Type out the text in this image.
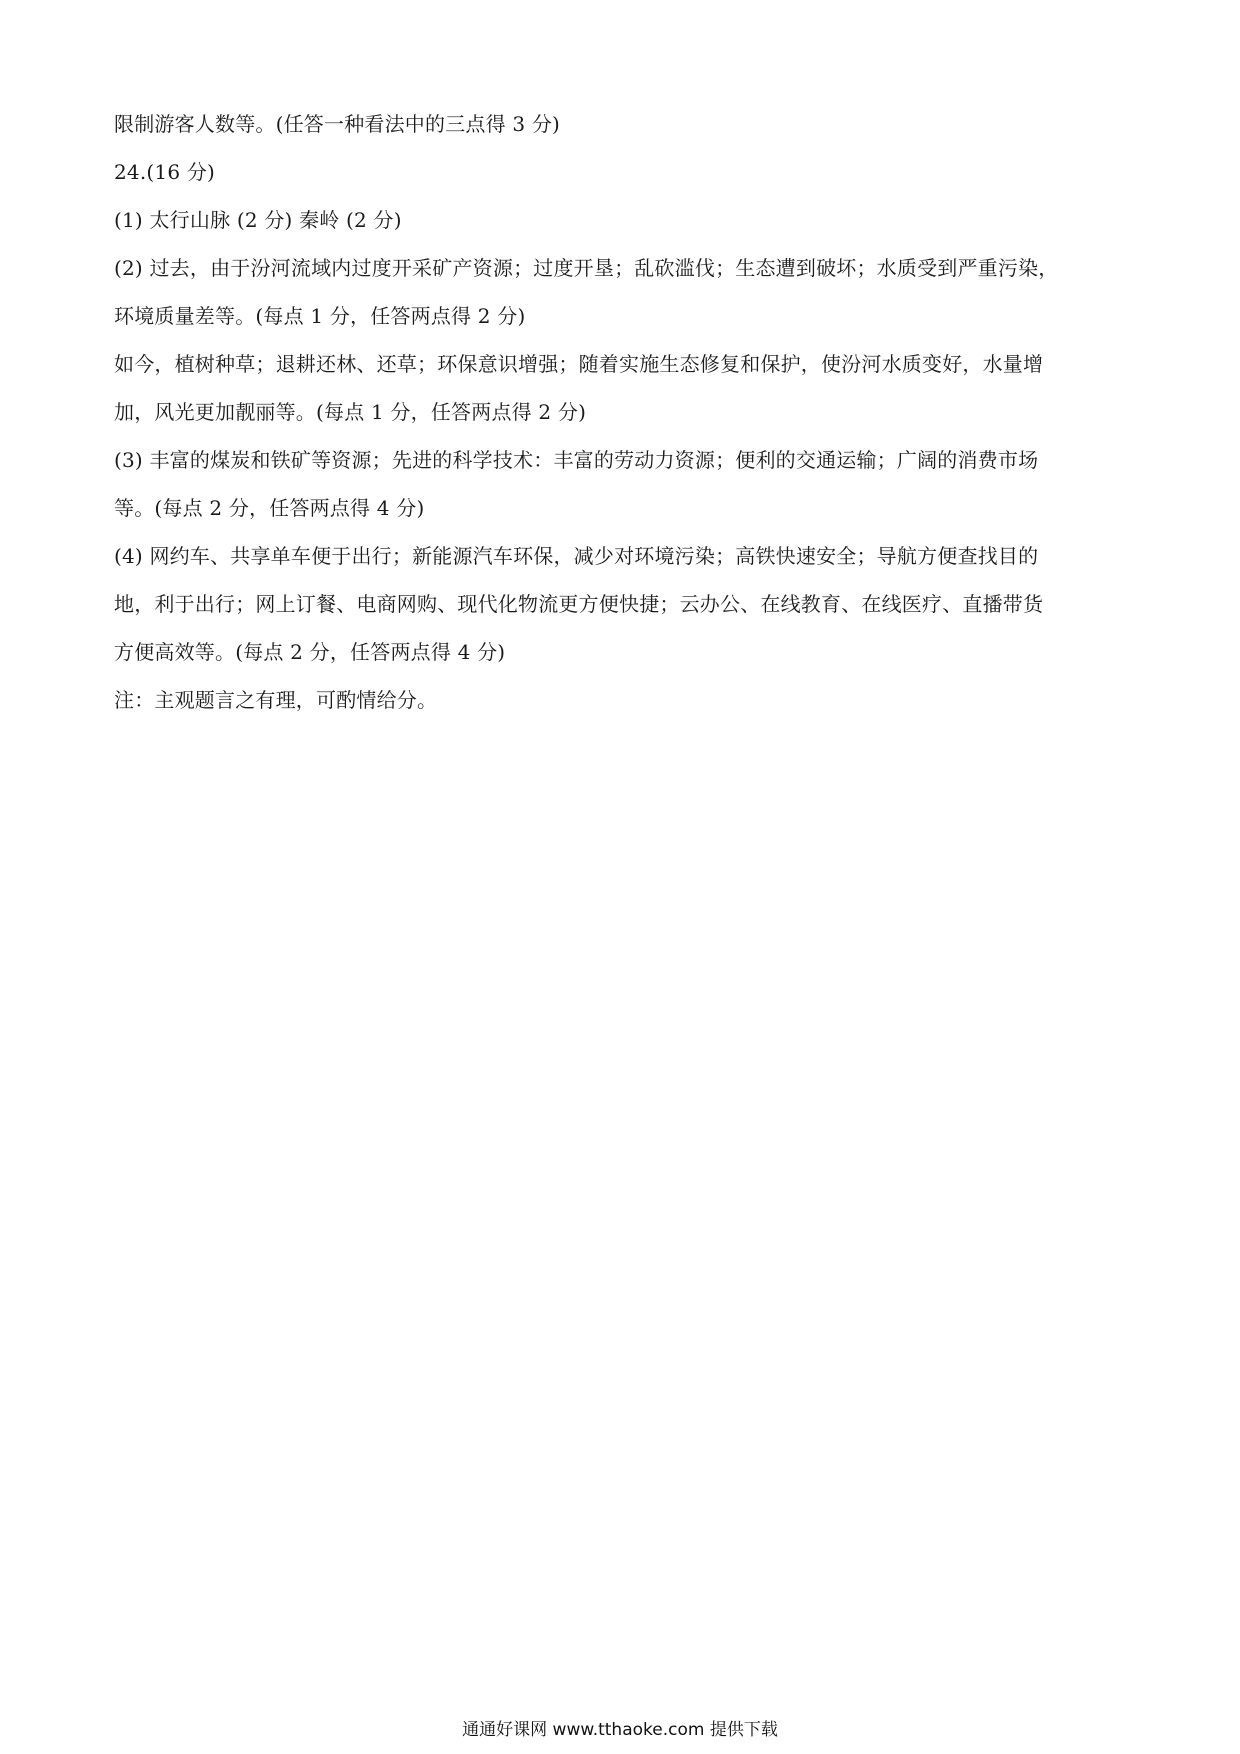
限制游客人数等。(任答一种看法中的三点得 3 分)
24.(16 分)
(1) 太行山脉 (2 分) 秦岭 (2 分)
(2) 过去，由于汾河流域内过度开采矿产资源；过度开垦；乱砍滥伐；生态遭到破坏；水质受到严重污染，
环境质量差等。(每点 1 分，任答两点得 2 分)
如今，植树种草；退耕还林、还草；环保意识增强；随着实施生态修复和保护，使汾河水质变好，水量增
加，风光更加靓丽等。(每点 1 分，任答两点得 2 分)
(3) 丰富的煤炭和铁矿等资源；先进的科学技术：丰富的劳动力资源；便利的交通运输；广阔的消费市场
等。(每点 2 分，任答两点得 4 分)
(4) 网约车、共享单车便于出行；新能源汽车环保，减少对环境污染；高铁快速安全；导航方便查找目的
地，利于出行；网上订餐、电商网购、现代化物流更方便快捷；云办公、在线教育、在线医疗、直播带货
方便高效等。(每点 2 分，任答两点得 4 分)
注：主观题言之有理，可酌情给分。
通通好课网 www.tthaoke.com 提供下载
